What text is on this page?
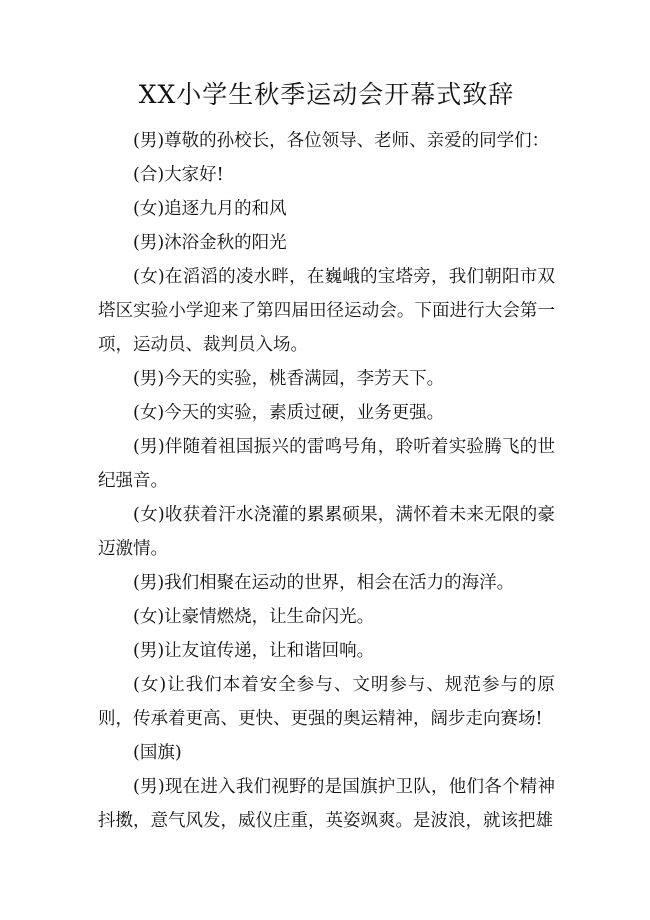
XX小学生秋季运动会开幕式致辞

(男)尊敬的孙校长，各位领导、老师、亲爱的同学们：

(合)大家好!

(女)追逐九月的和风

(男)沐浴金秋的阳光

(女)在滔滔的凌水畔，在巍峨的宝塔旁，我们朝阳市双塔区实验小学迎来了第四届田径运动会。下面进行大会第一项，运动员、裁判员入场。

(男)今天的实验，桃香满园，李芳天下。

(女)今天的实验，素质过硬，业务更强。

(男)伴随着祖国振兴的雷鸣号角，聆听着实验腾飞的世纪强音。

(女)收获着汗水浇灌的累累硕果，满怀着未来无限的豪迈激情。

(男)我们相聚在运动的世界，相会在活力的海洋。

(女)让豪情燃烧，让生命闪光。

(男)让友谊传递，让和谐回响。

(女)让我们本着安全参与、文明参与、规范参与的原则，传承着更高、更快、更强的奥运精神，阔步走向赛场!

(国旗)

(男)现在进入我们视野的是国旗护卫队，他们各个精神抖擞，意气风发，威仪庄重，英姿飒爽。是波浪，就该把雄
